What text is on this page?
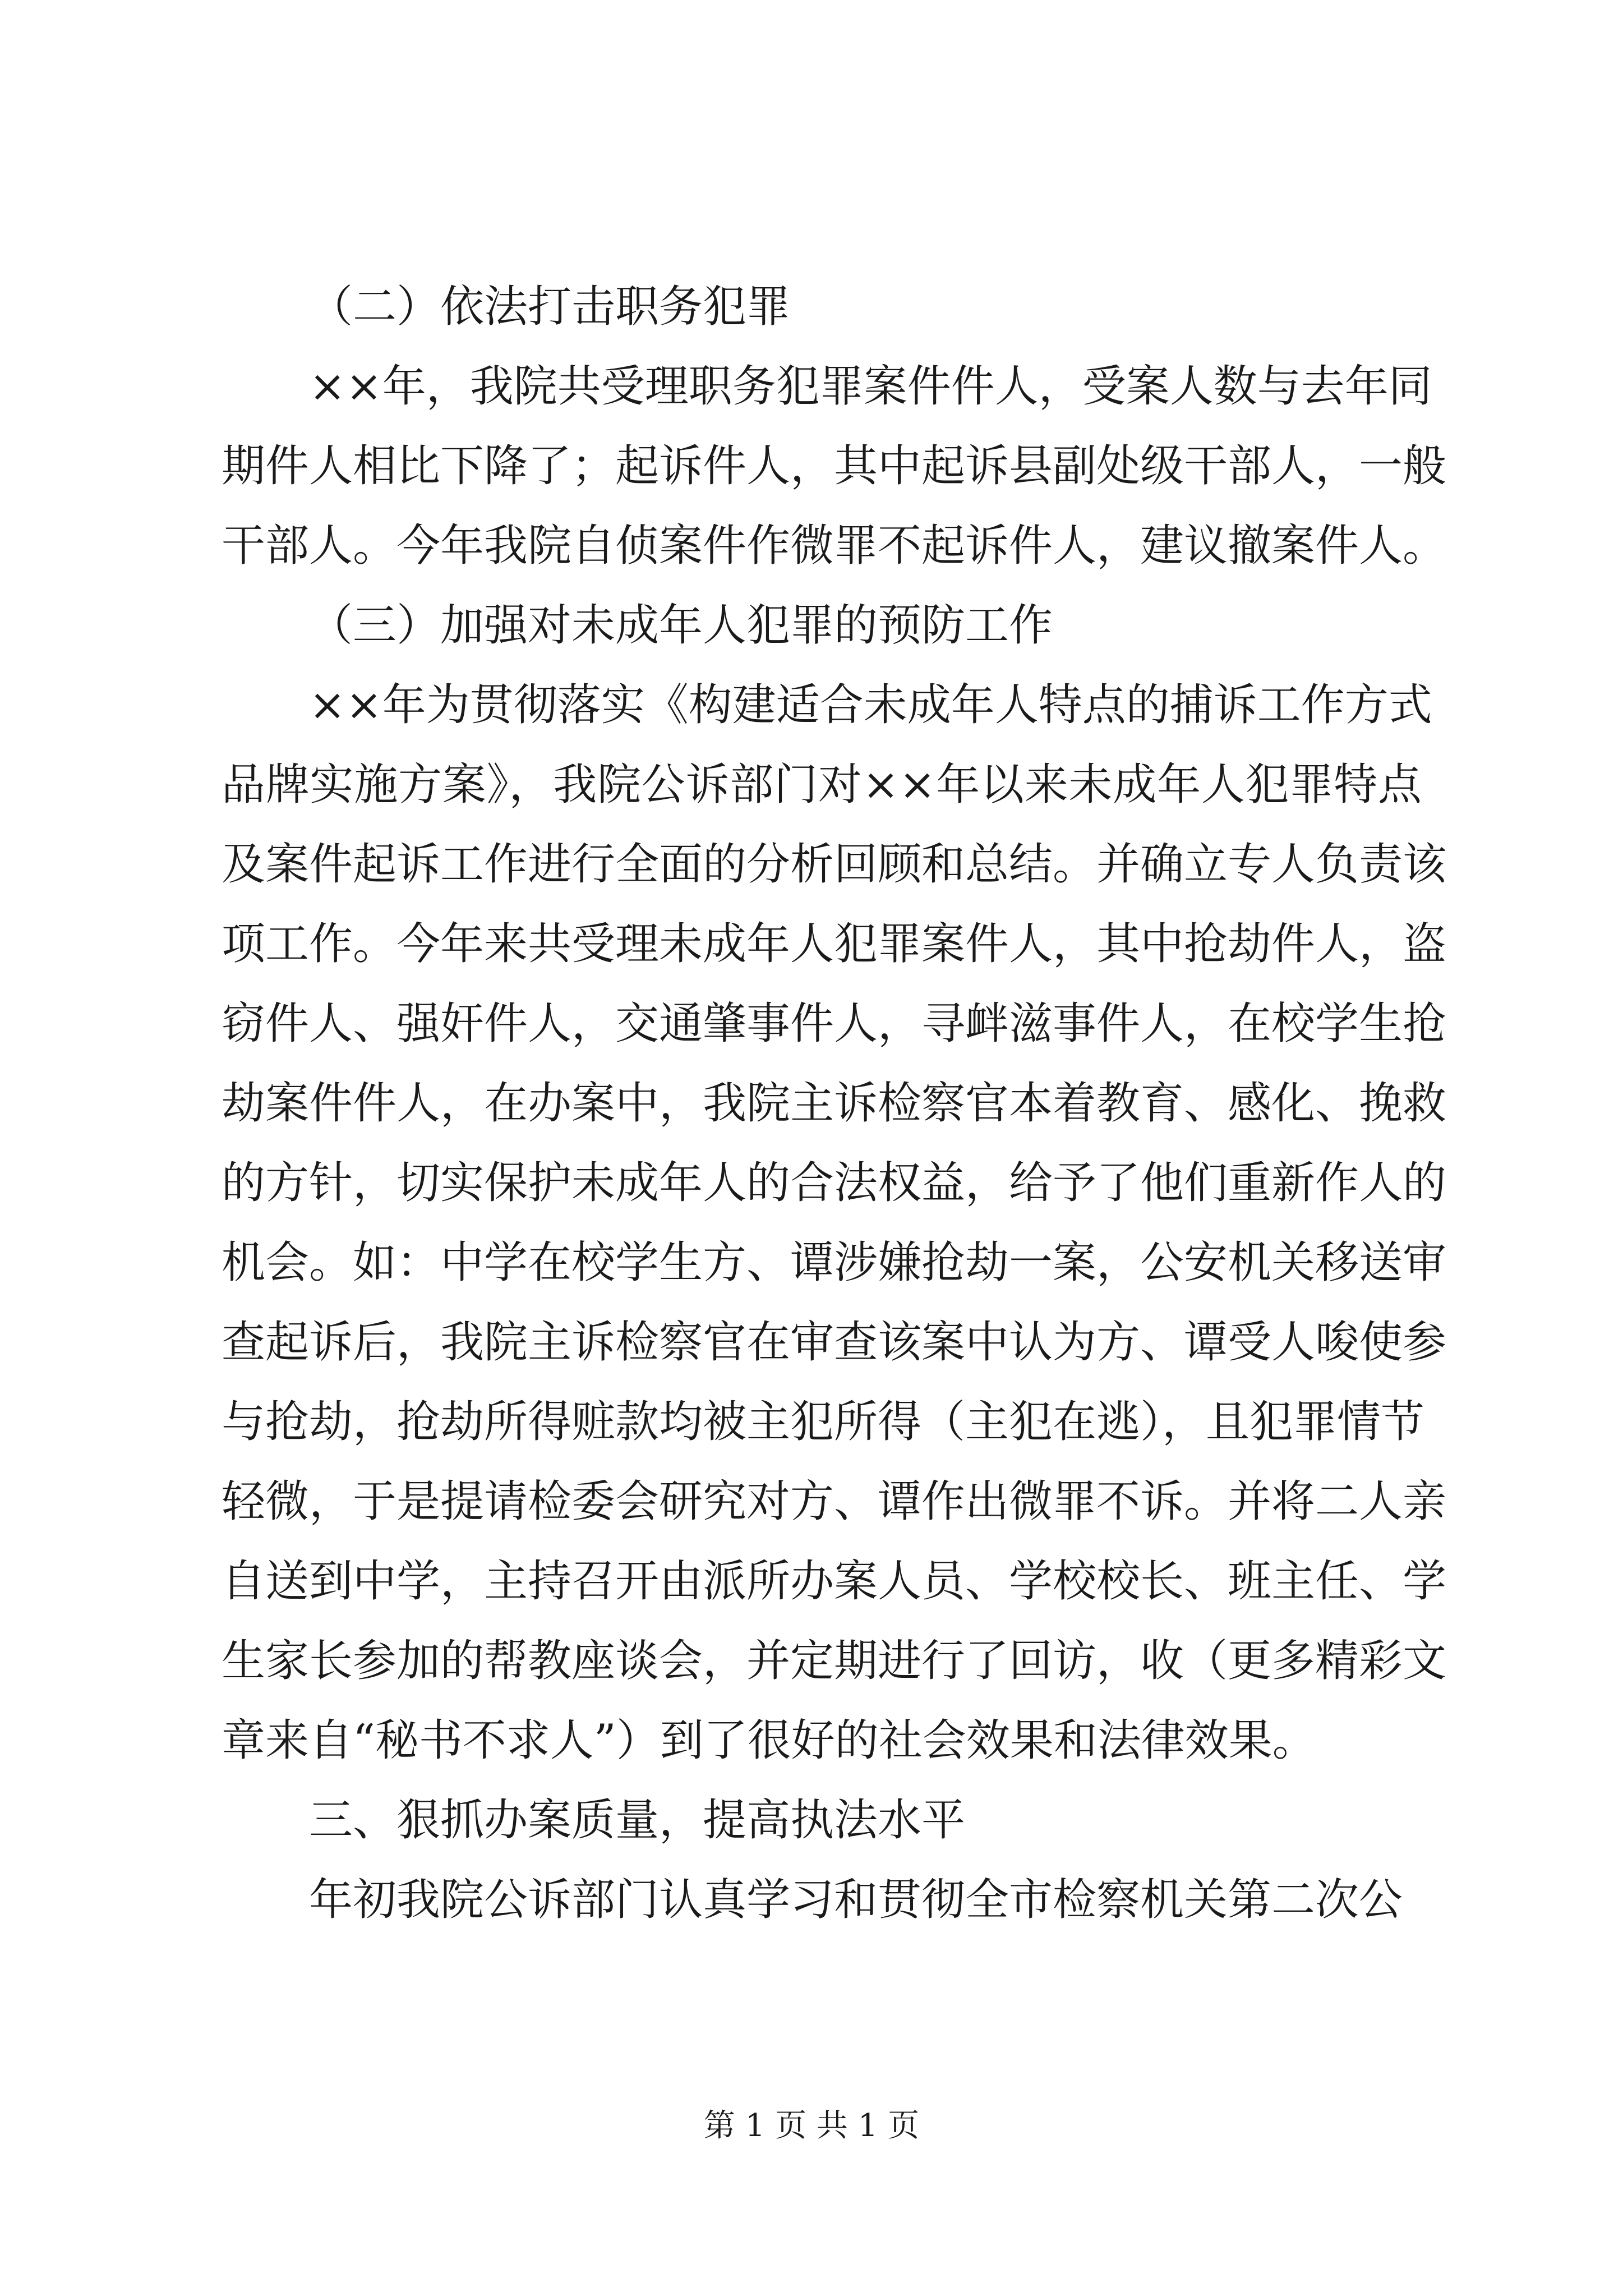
（二）依法打击职务犯罪
××年，我院共受理职务犯罪案件件人，受案人数与去年同
期件人相比下降了；起诉件人，其中起诉县副处级干部人，一般
干部人。今年我院自侦案件作微罪不起诉件人，建议撤案件人。
（三）加强对未成年人犯罪的预防工作
××年为贯彻落实《构建适合未成年人特点的捕诉工作方式
品牌实施方案》，我院公诉部门对××年以来未成年人犯罪特点
及案件起诉工作进行全面的分析回顾和总结。并确立专人负责该
项工作。今年来共受理未成年人犯罪案件人，其中抢劫件人，盗
窃件人、强奸件人，交通肇事件人，寻衅滋事件人，在校学生抢
劫案件件人，在办案中，我院主诉检察官本着教育、感化、挽救
的方针，切实保护未成年人的合法权益，给予了他们重新作人的
机会。如：中学在校学生方、谭涉嫌抢劫一案，公安机关移送审
查起诉后，我院主诉检察官在审查该案中认为方、谭受人唆使参
与抢劫，抢劫所得赃款均被主犯所得（主犯在逃），且犯罪情节
轻微，于是提请检委会研究对方、谭作出微罪不诉。并将二人亲
自送到中学，主持召开由派所办案人员、学校校长、班主任、学
生家长参加的帮教座谈会，并定期进行了回访，收（更多精彩文
章来自“秘书不求人”）到了很好的社会效果和法律效果。
三、狠抓办案质量，提高执法水平
年初我院公诉部门认真学习和贯彻全市检察机关第二次公
第 1 页 共 1 页
